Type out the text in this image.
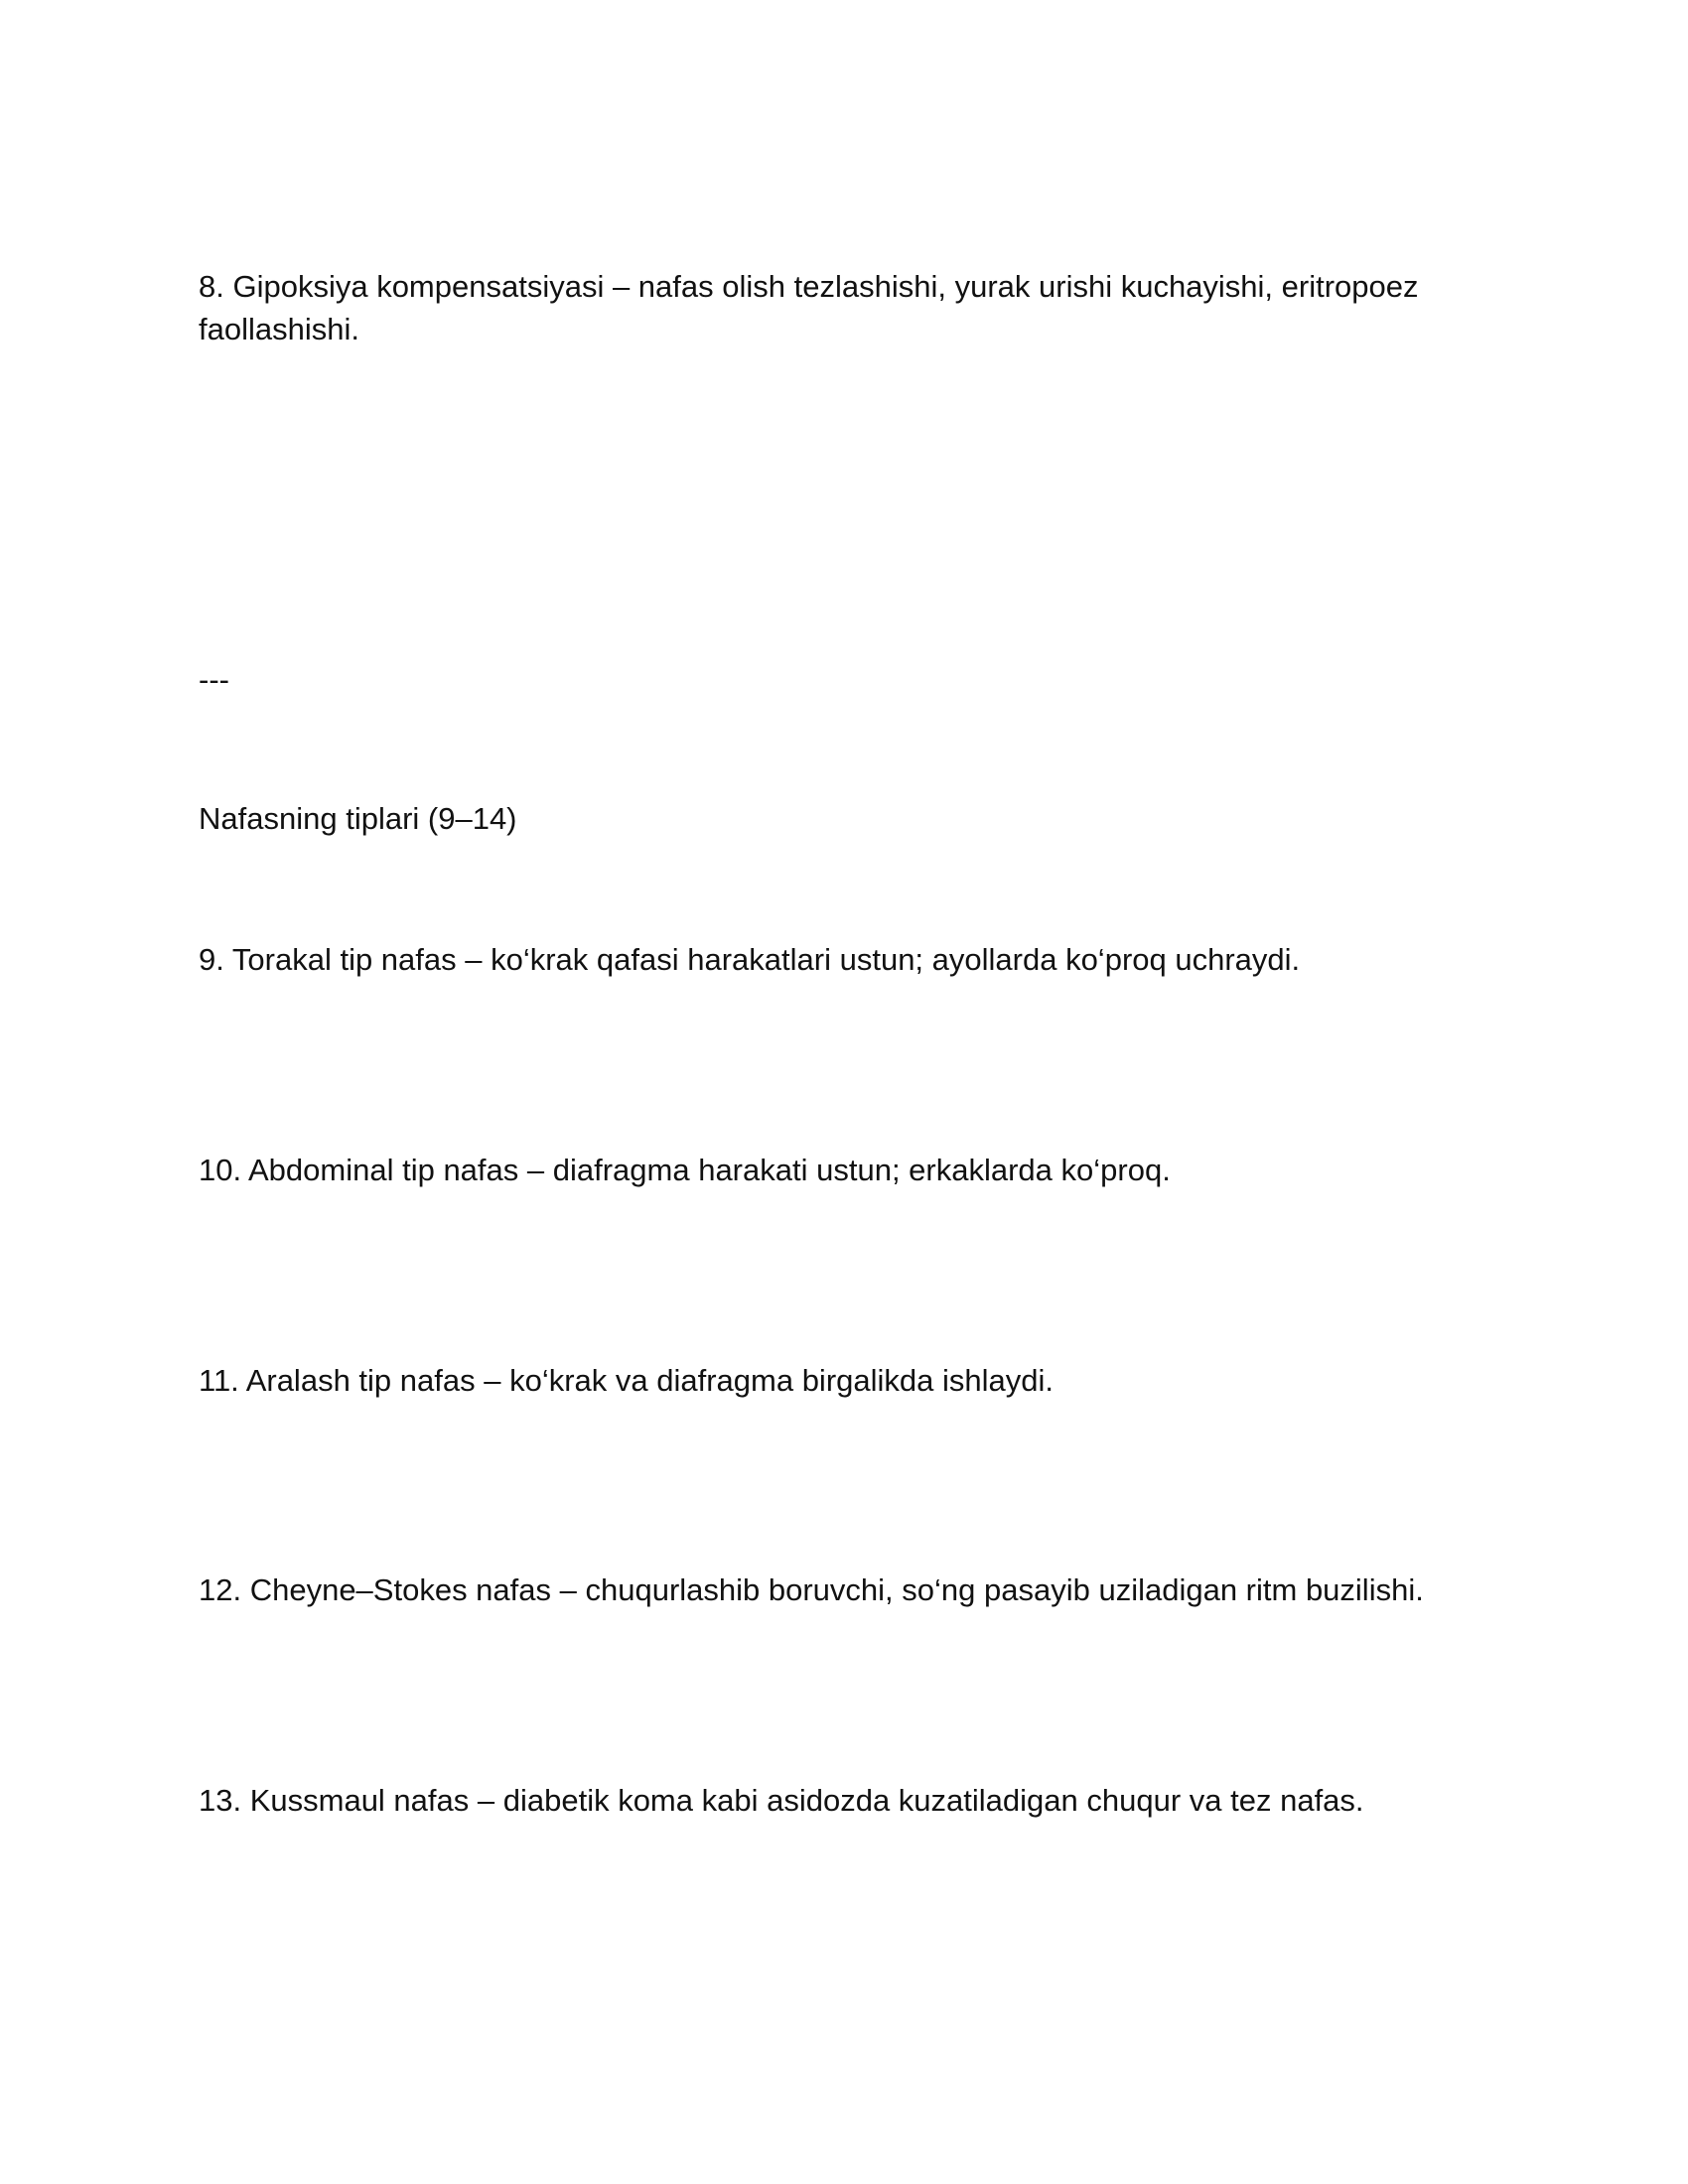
8. Gipoksiya kompensatsiyasi – nafas olish tezlashishi, yurak urishi kuchayishi, eritropoez faollashishi.

---

Nafasning tiplari (9–14)

9. Torakal tip nafas – ko‘krak qafasi harakatlari ustun; ayollarda ko‘proq uchraydi.

10. Abdominal tip nafas – diafragma harakati ustun; erkaklarda ko‘proq.

11. Aralash tip nafas – ko‘krak va diafragma birgalikda ishlaydi.

12. Cheyne–Stokes nafas – chuqurlashib boruvchi, so‘ng pasayib uziladigan ritm buzilishi.

13. Kussmaul nafas – diabetik koma kabi asidozda kuzatiladigan chuqur va tez nafas.
